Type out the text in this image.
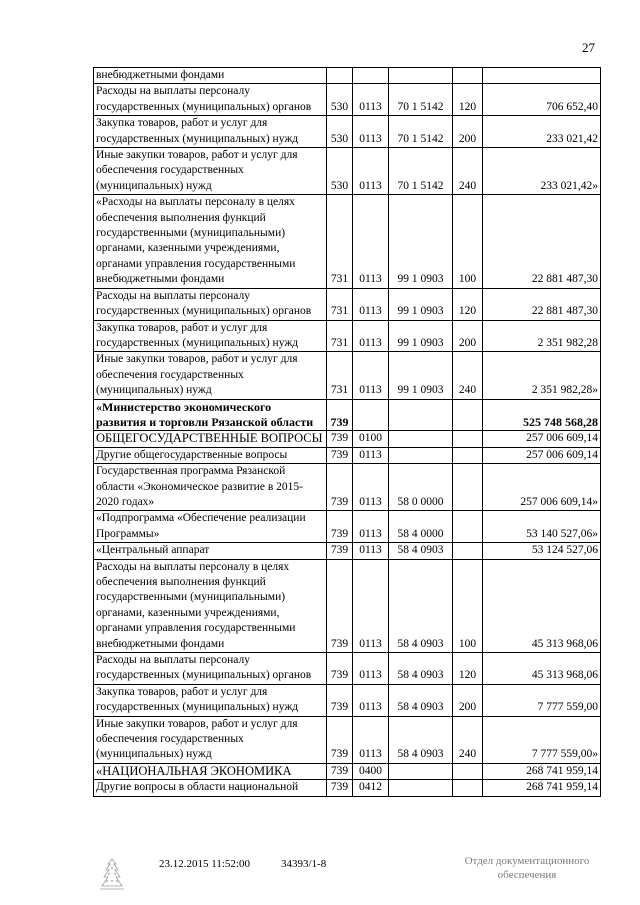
27
внебюджетными фондами					
Расходы на выплаты персоналу государственных (муниципальных) органов	530	0113	70 1 5142	120	706 652,40
Закупка товаров, работ и услуг для государственных (муниципальных) нужд	530	0113	70 1 5142	200	233 021,42
Иные закупки товаров, работ и услуг для обеспечения государственных (муниципальных) нужд	530	0113	70 1 5142	240	233 021,42»
«Расходы на выплаты персоналу в целях обеспечения выполнения функций государственными (муниципальными) органами, казенными учреждениями, органами управления государственными внебюджетными фондами	731	0113	99 1 0903	100	22 881 487,30
Расходы на выплаты персоналу государственных (муниципальных) органов	731	0113	99 1 0903	120	22 881 487,30
Закупка товаров, работ и услуг для государственных (муниципальных) нужд	731	0113	99 1 0903	200	2 351 982,28
Иные закупки товаров, работ и услуг для обеспечения государственных (муниципальных) нужд	731	0113	99 1 0903	240	2 351 982,28»
«Министерство экономического развития и торговли Рязанской области	739				525 748 568,28
ОБЩЕГОСУДАРСТВЕННЫЕ ВОПРОСЫ	739	0100			257 006 609,14
Другие общегосударственные вопросы	739	0113			257 006 609,14
Государственная программа Рязанской области «Экономическое развитие в 2015-2020 годах»	739	0113	58 0 0000		257 006 609,14»
«Подпрограмма «Обеспечение реализации Программы»	739	0113	58 4 0000		53 140 527,06»
«Центральный аппарат	739	0113	58 4 0903		53 124 527,06
Расходы на выплаты персоналу в целях обеспечения выполнения функций государственными (муниципальными) органами, казенными учреждениями, органами управления государственными внебюджетными фондами	739	0113	58 4 0903	100	45 313 968,06
Расходы на выплаты персоналу государственных (муниципальных) органов	739	0113	58 4 0903	120	45 313 968,06
Закупка товаров, работ и услуг для государственных (муниципальных) нужд	739	0113	58 4 0903	200	7 777 559,00
Иные закупки товаров, работ и услуг для обеспечения государственных (муниципальных) нужд	739	0113	58 4 0903	240	7 777 559,00»
«НАЦИОНАЛЬНАЯ ЭКОНОМИКА	739	0400			268 741 959,14
Другие вопросы в области национальной	739	0412			268 741 959,14
23.12.2015 11:52:00	34393/1-8	Отдел документационного
обеспечения
